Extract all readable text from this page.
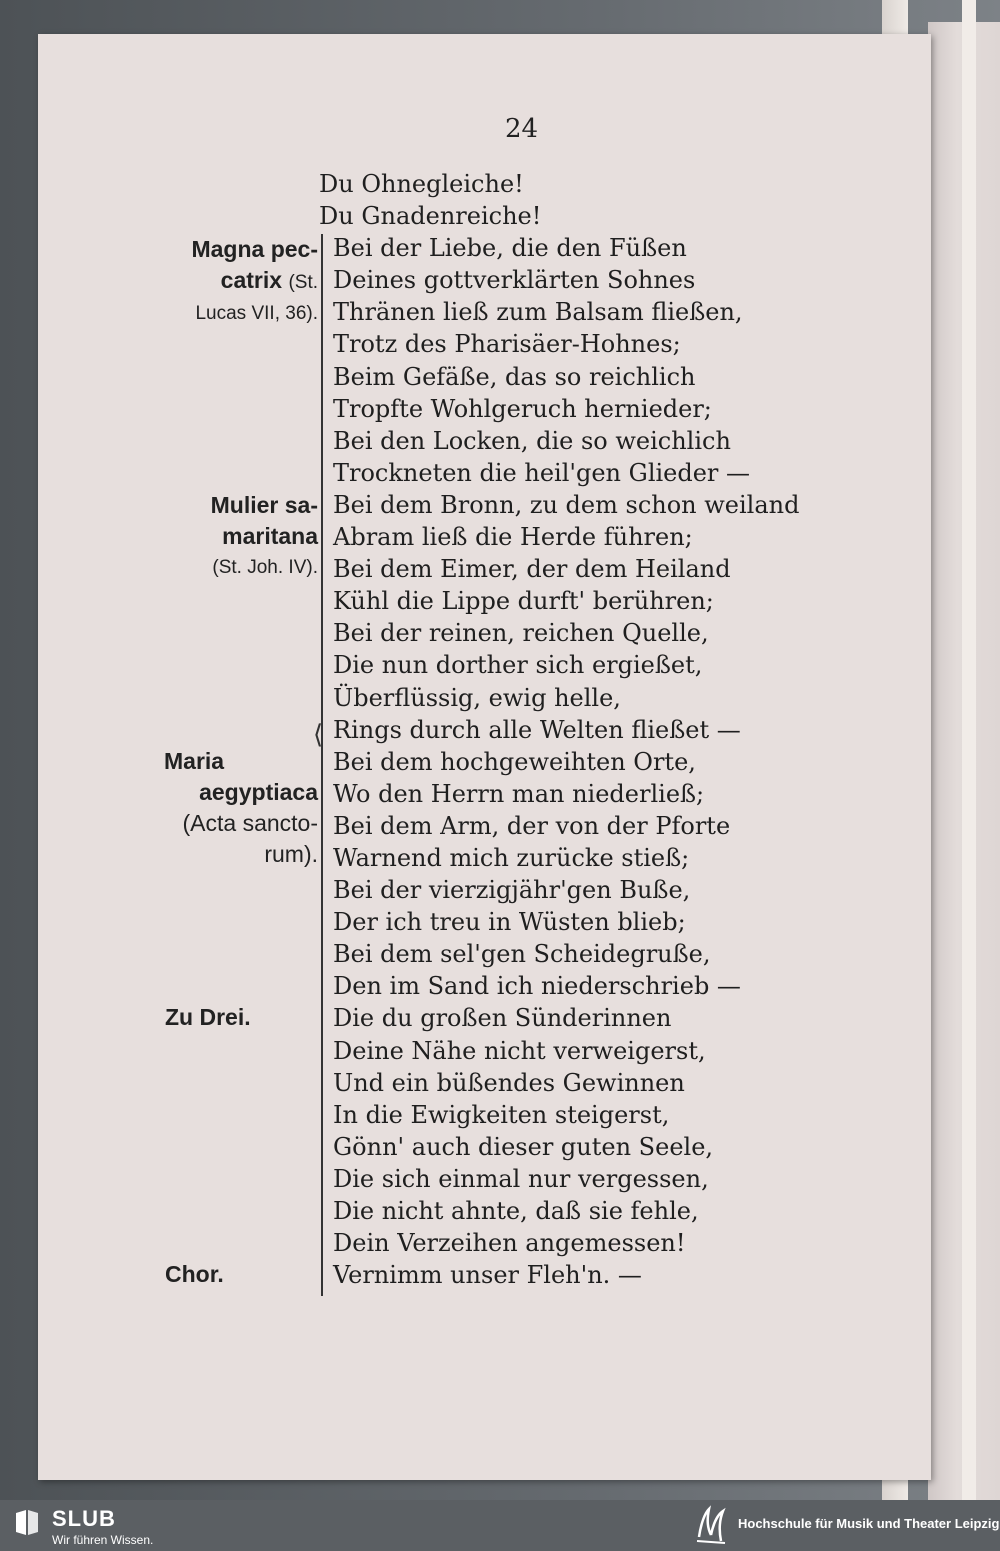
24
Magna pec-
catrix (St.
Lucas VII, 36).
Mulier sa-
maritana
(St. Joh. IV).
Maria
aegyptiaca
(Acta sancto-
rum).
Zu Drei.
Chor.
⟨
Du Ohnegleiche!
Du Gnadenreiche!
Bei der Liebe, die den Füßen
Deines gottverklärten Sohnes
Thränen ließ zum Balsam fließen,
Trotz des Pharisäer-Hohnes;
Beim Gefäße, das so reichlich
Tropfte Wohlgeruch hernieder;
Bei den Locken, die so weichlich
Trockneten die heil'gen Glieder —
Bei dem Bronn, zu dem schon weiland
Abram ließ die Herde führen;
Bei dem Eimer, der dem Heiland
Kühl die Lippe durft' berühren;
Bei der reinen, reichen Quelle,
Die nun dorther sich ergießet,
Überflüssig, ewig helle,
Rings durch alle Welten fließet —
Bei dem hochgeweihten Orte,
Wo den Herrn man niederließ;
Bei dem Arm, der von der Pforte
Warnend mich zurücke stieß;
Bei der vierzigjähr'gen Buße,
Der ich treu in Wüsten blieb;
Bei dem sel'gen Scheidegruße,
Den im Sand ich niederschrieb —
Die du großen Sünderinnen
Deine Nähe nicht verweigerst,
Und ein büßendes Gewinnen
In die Ewigkeiten steigerst,
Gönn' auch dieser guten Seele,
Die sich einmal nur vergessen,
Die nicht ahnte, daß sie fehle,
Dein Verzeihen angemessen!
Vernimm unser Fleh'n. —
SLUB
Wir führen Wissen.
Hochschule für Musik und Theater Leipzig
